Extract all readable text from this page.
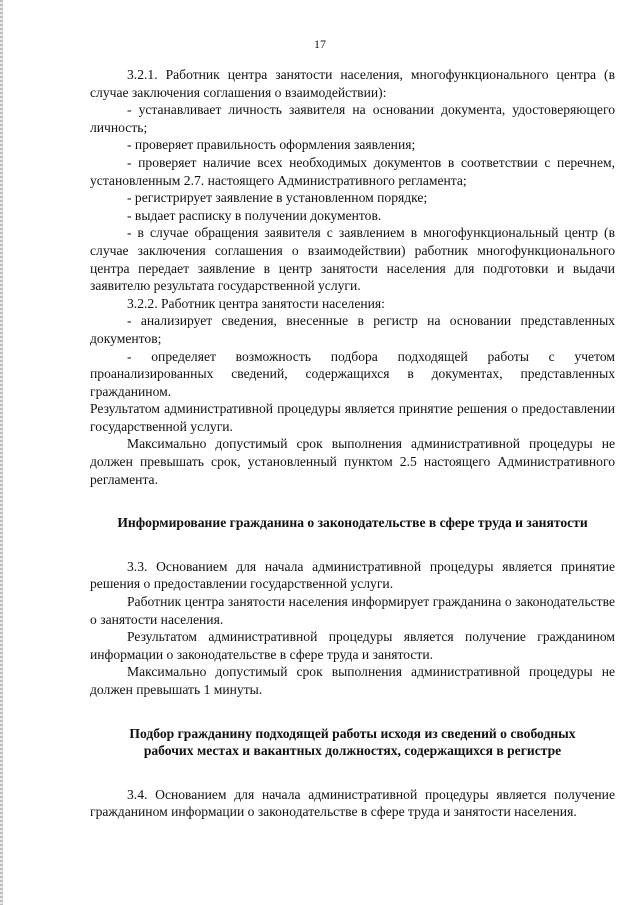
17

3.2.1. Работник центра занятости населения, многофункционального центра (в случае заключения соглашения о взаимодействии):

- устанавливает личность заявителя на основании документа, удостоверяющего личность;

- проверяет правильность оформления заявления;

- проверяет наличие всех необходимых документов в соответствии с перечнем, установленным 2.7. настоящего Административного регламента;

- регистрирует заявление в установленном порядке;

- выдает расписку в получении документов.

- в случае обращения заявителя с заявлением в многофункциональный центр (в случае заключения соглашения о взаимодействии) работник многофункционального центра передает заявление в центр занятости населения для подготовки и выдачи заявителю результата государственной услуги.

3.2.2. Работник центра занятости населения:

- анализирует сведения, внесенные в регистр на основании представленных документов;

- определяет возможность подбора подходящей работы с учетом проанализированных сведений, содержащихся в документах, представленных гражданином.

Результатом административной процедуры является принятие решения о предоставлении государственной услуги.

Максимально допустимый срок выполнения административной процедуры не должен превышать срок, установленный пунктом 2.5 настоящего Административного регламента.

Информирование гражданина о законодательстве в сфере труда и занятости

3.3. Основанием для начала административной процедуры является принятие решения о предоставлении государственной услуги.

Работник центра занятости населения информирует гражданина о законодательстве о занятости населения.

Результатом административной процедуры является получение гражданином информации о законодательстве в сфере труда и занятости.

Максимально допустимый срок выполнения административной процедуры не должен превышать 1 минуты.

Подбор гражданину подходящей работы исходя из сведений о свободных рабочих местах и вакантных должностях, содержащихся в регистре

3.4. Основанием для начала административной процедуры является получение гражданином информации о законодательстве в сфере труда и занятости населения.
